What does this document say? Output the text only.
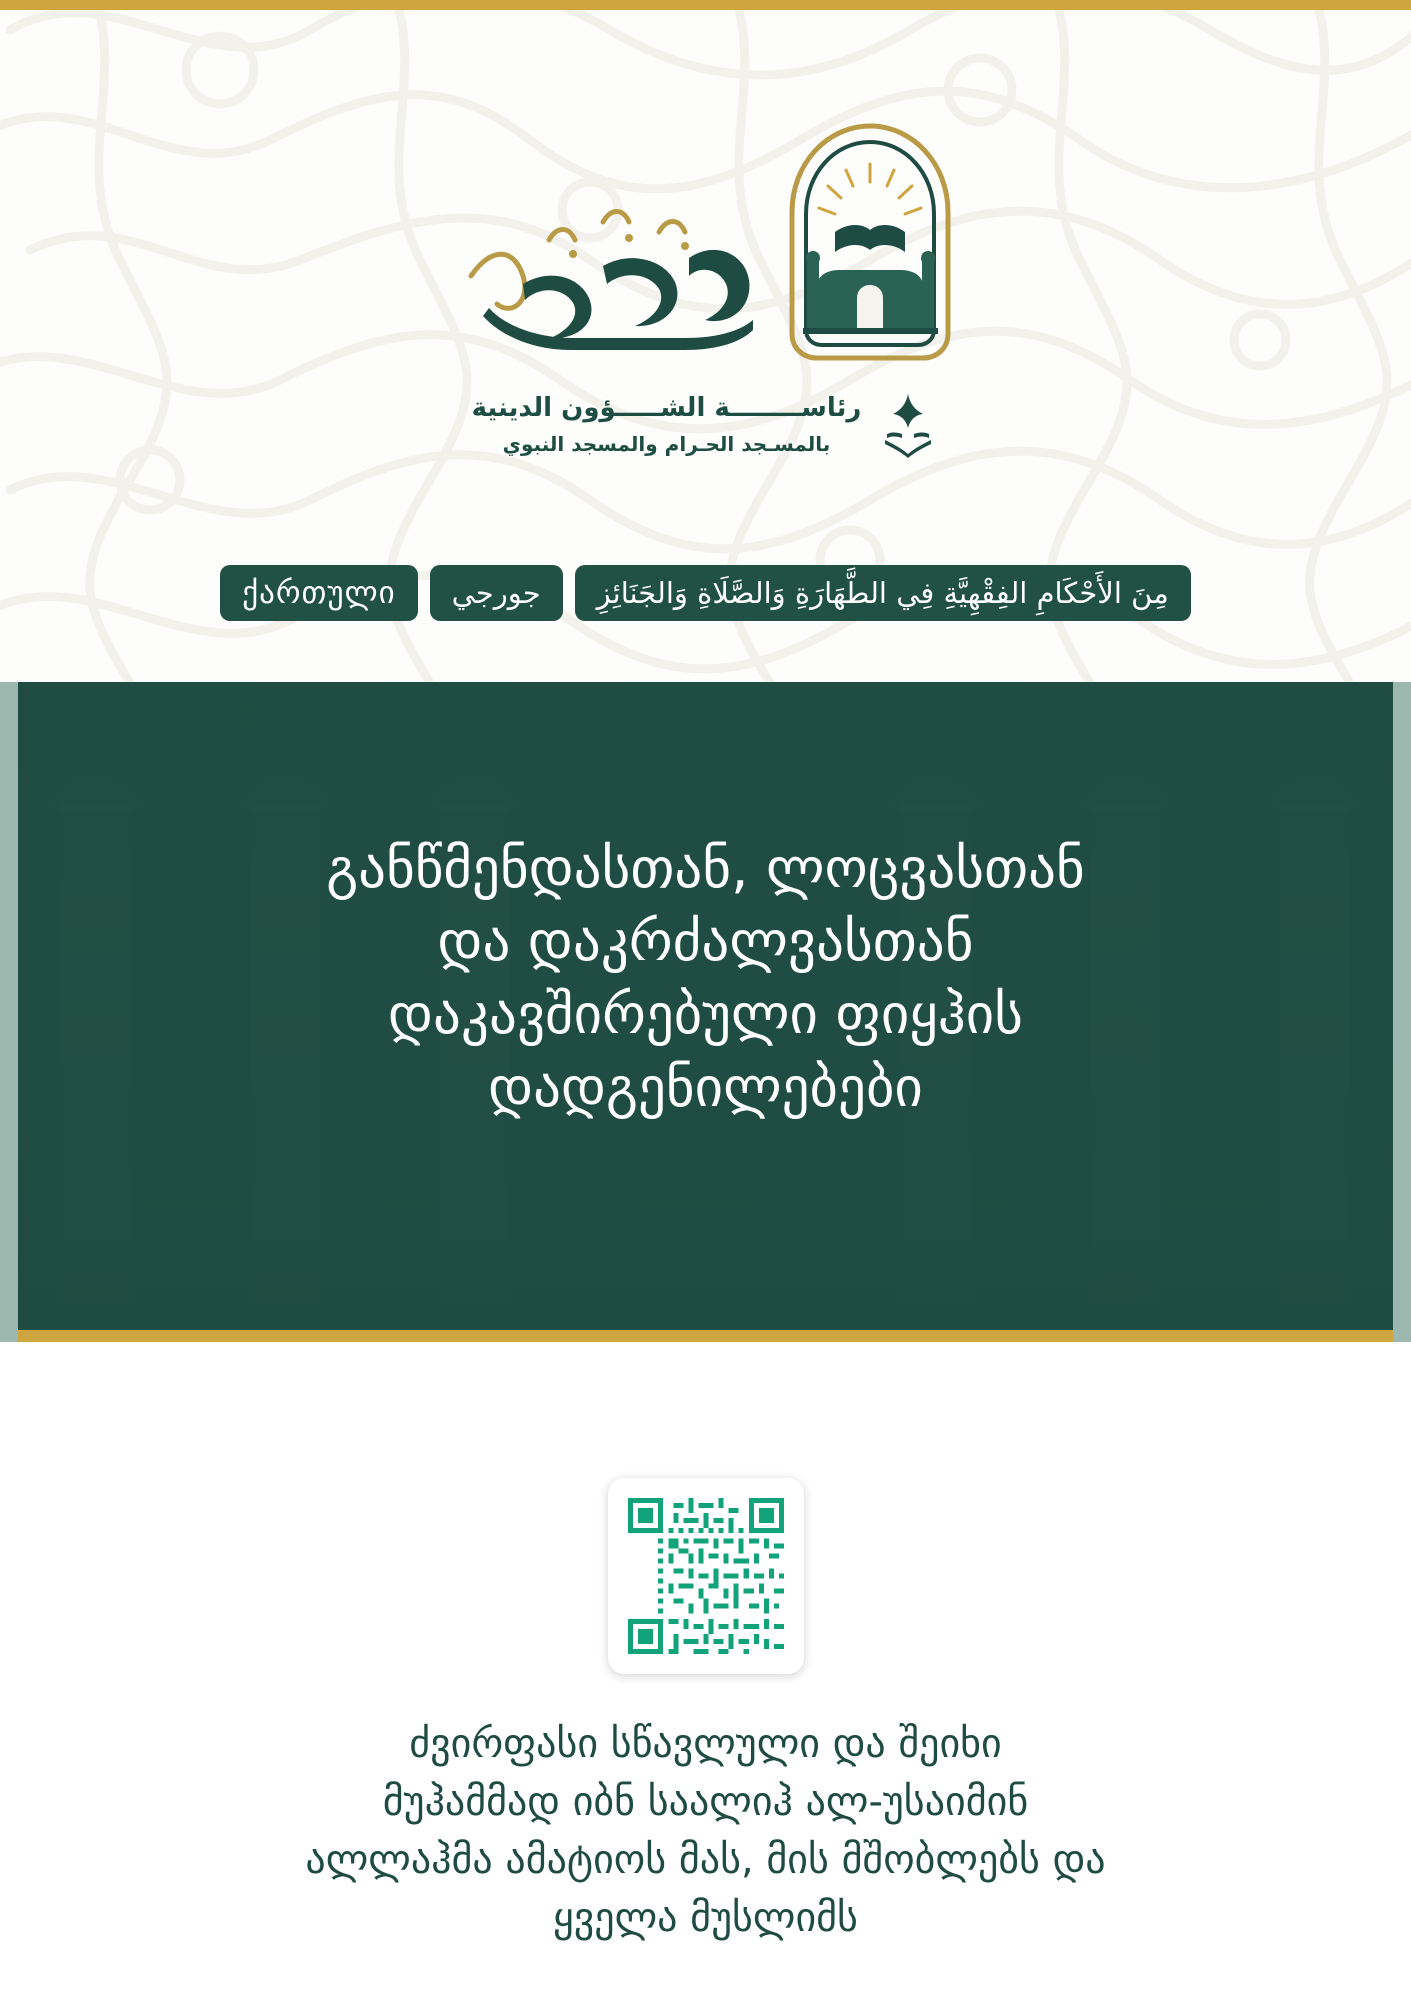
رئاســــــــة الشـــــؤون الدينية
بالمسـجد الحـرام والمسجد النبوي
ქართული	جورجي	مِنَ الأَحْكَامِ الفِقْهِيَّةِ فِي الطَّهَارَةِ وَالصَّلَاةِ وَالجَنَائِزِ
განწმენდასთან, ლოცვასთან
და დაკრძალვასთან
დაკავშირებული ფიყჰის
დადგენილებები
ძვირფასი სწავლული და შეიხი
მუჰამმად იბნ საალიჰ ალ-უსაიმინ
ალლაჰმა ამატიოს მას, მის მშობლებს და
ყველა მუსლიმს
